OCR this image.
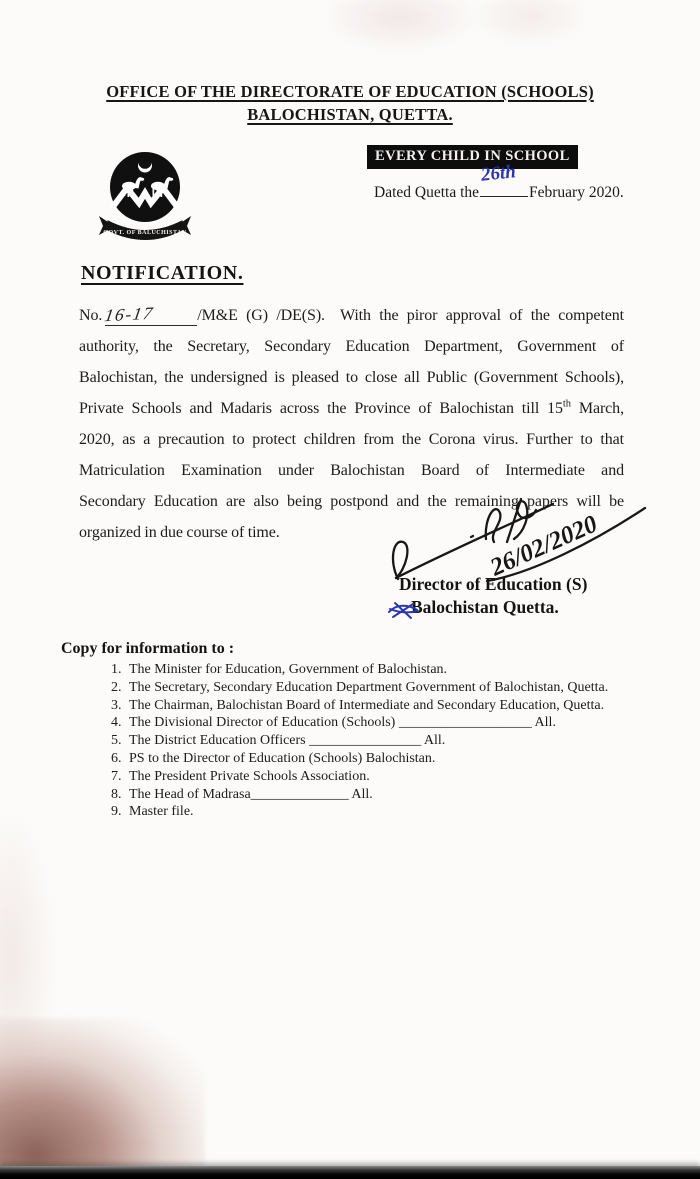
OFFICE OF THE DIRECTORATE OF EDUCATION (SCHOOLS)
BALOCHISTAN, QUETTA.
GOVT. OF BALUCHISTAN
EVERY CHILD IN SCHOOL
Dated Quetta the
26th
February 2020.
NOTIFICATION.
No.16-17	/M&E (G) /DE(S). With the piror approval of the competent
authority, the Secretary, Secondary Education Department, Government of
Balochistan, the undersigned is pleased to close all Public (Government Schools),
Private Schools and Madaris across the Province of Balochistan till 15th March,
2020, as a precaution to protect children from the Corona virus. Further to that
Matriculation Examination under Balochistan Board of Intermediate and
Secondary Education are also being postpond and the remaining papers will be
organized in due course of time.	26/02/2020
Director of Education (S)
Balochistan Quetta.
Copy for information to :
1. The Minister for Education, Government of Balochistan.
2. The Secretary, Secondary Education Department Government of Balochistan, Quetta.
3. The Chairman, Balochistan Board of Intermediate and Secondary Education, Quetta.
4. The Divisional Director of Education (Schools) ___________________ All.
5. The District Education Officers ________________ All.
6. PS to the Director of Education (Schools) Balochistan.
7. The President Private Schools Association.
8. The Head of Madrasa______________ All.
9. Master file.
